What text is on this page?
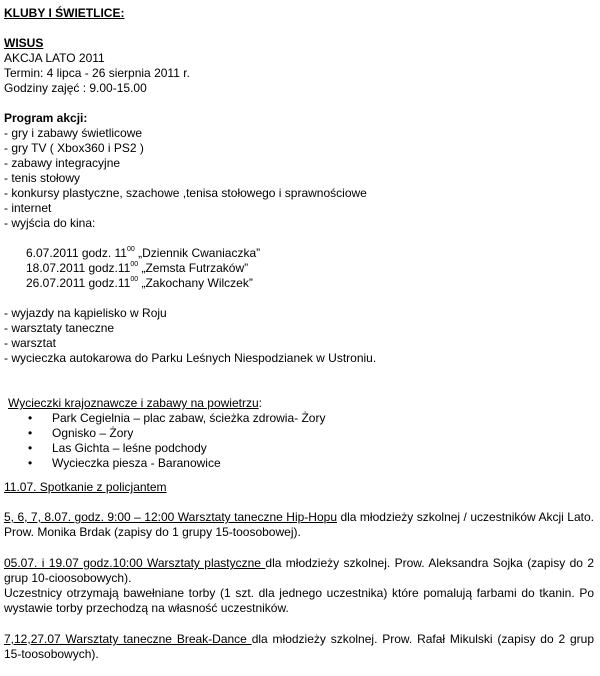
KLUBY I ŚWIETLICE:
WISUS
AKCJA LATO 2011
Termin: 4 lipca - 26 sierpnia 2011 r.
Godziny zajęć : 9.00-15.00
Program akcji:
- gry i zabawy świetlicowe
- gry TV ( Xbox360 i PS2 )
- zabawy integracyjne
- tenis stołowy
- konkursy plastyczne, szachowe ,tenisa stołowego i sprawnościowe
- internet
- wyjścia do kina:
6.07.2011 godz. $11^{00}$ „Dziennik Cwaniaczka”
18.07.2011 $godz.11^{00}$ „Zemsta Futrzaków”
26.07.2011 $godz.11^{00}$ „Zakochany Wilczek”
- wyjazdy na kąpielisko w Roju
- warsztaty taneczne
- warsztat
- wycieczka autokarowa do Parku Leśnych Niespodzianek w Ustroniu.
Wycieczki krajoznawcze i zabawy na powietrzu:
• Park Cegielnia – plac zabaw, ścieżka zdrowia- Żory
• Ognisko – Żory
• Las Gichta – leśne podchody
• Wycieczka piesza - Baranowice
11.07. Spotkanie z policjantem
5, 6, 7, 8.07. godz. 9:00 – 12:00 Warsztaty taneczne Hip-Hopu dla młodzieży szkolnej / uczestników Akcji Lato. Prow. Monika Brdak (zapisy do 1 grupy 15-toosobowej).
05.07. i 19.07 godz.10:00 Warsztaty plastyczne dla młodzieży szkolnej. Prow. Aleksandra Sojka (zapisy do 2 grup 10-cioosobowych).
Uczestnicy otrzymają bawełniane torby (1 szt. dla jednego uczestnika) które pomalują farbami do tkanin. Po wystawie torby przechodzą na własność uczestników.
7,12,27.07 Warsztaty taneczne Break-Dance dla młodzieży szkolnej. Prow. Rafał Mikulski (zapisy do 2 grup 15-toosobowych).
